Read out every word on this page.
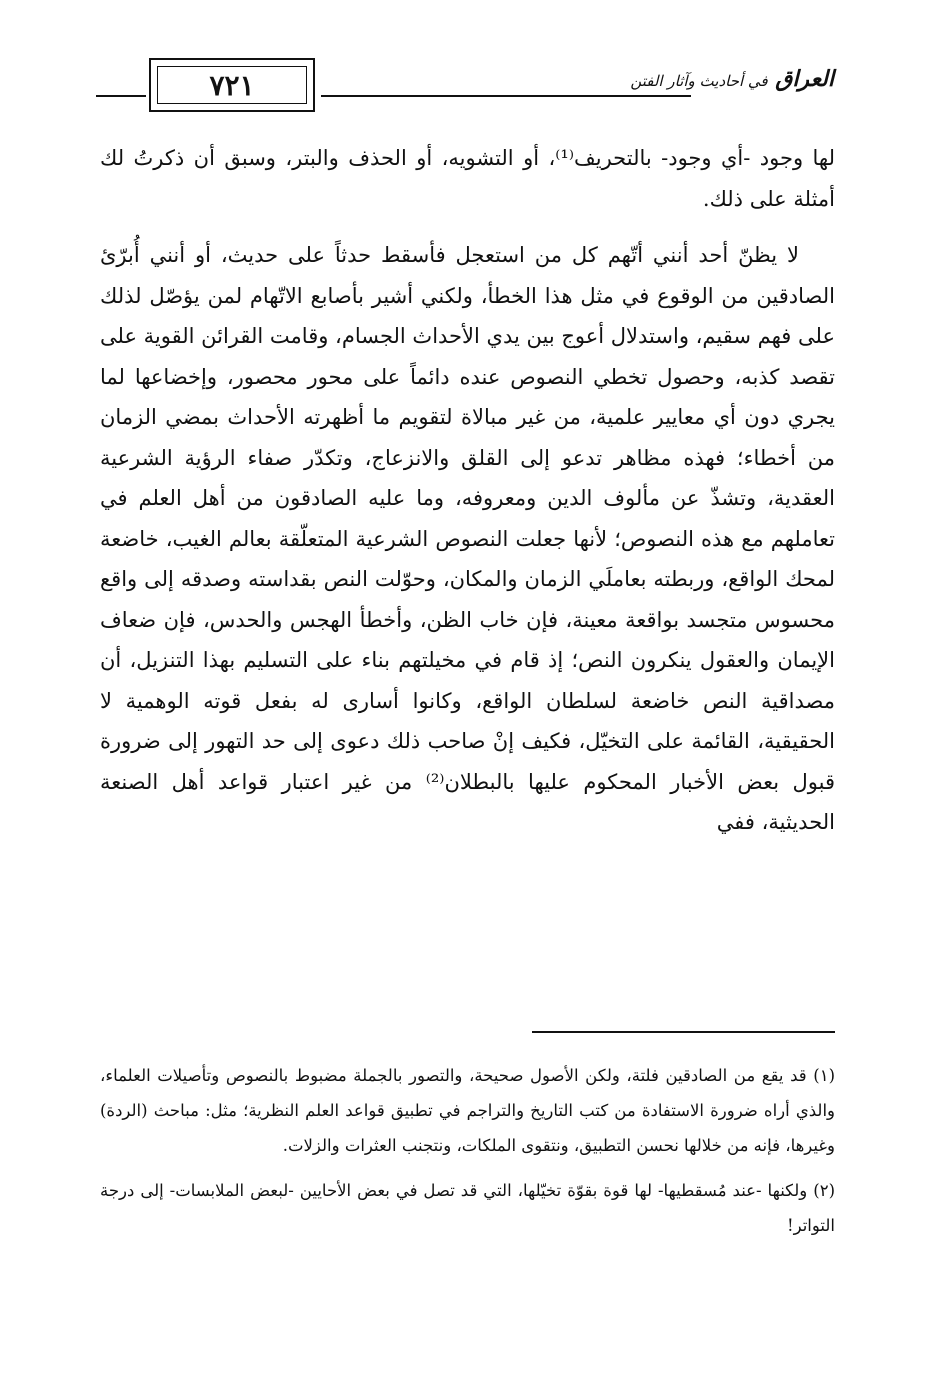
٧٢١	العراق في أحاديث وآثار الفتن

لها وجود -أي وجود- بالتحريف⁽¹⁾، أو التشويه، أو الحذف والبتر، وسبق أن ذكرتُ لك أمثلة على ذلك.

لا يظنّ أحد أنني أتّهم كل من استعجل فأسقط حدثاً على حديث، أو أنني أُبرّئ الصادقين من الوقوع في مثل هذا الخطأ، ولكني أشير بأصابع الاتّهام لمن يؤصّل لذلك على فهم سقيم، واستدلال أعوج بين يدي الأحداث الجسام، وقامت القرائن القوية على تقصد كذبه، وحصول تخطي النصوص عنده دائماً على محور محصور، وإخضاعها لما يجري دون أي معايير علمية، من غير مبالاة لتقويم ما أظهرته الأحداث بمضي الزمان من أخطاء؛ فهذه مظاهر تدعو إلى القلق والانزعاج، وتكدّر صفاء الرؤية الشرعية العقدية، وتشذّ عن مألوف الدين ومعروفه، وما عليه الصادقون من أهل العلم في تعاملهم مع هذه النصوص؛ لأنها جعلت النصوص الشرعية المتعلّقة بعالم الغيب، خاضعة لمحك الواقع، وربطته بعاملَي الزمان والمكان، وحوّلت النص بقداسته وصدقه إلى واقع محسوس متجسد بواقعة معينة، فإن خاب الظن، وأخطأ الهجس والحدس، فإن ضعاف الإيمان والعقول ينكرون النص؛ إذ قام في مخيلتهم بناء على التسليم بهذا التنزيل، أن مصداقية النص خاضعة لسلطان الواقع، وكانوا أسارى له بفعل قوته الوهمية لا الحقيقية، القائمة على التخيّل، فكيف إنْ صاحب ذلك دعوى إلى حد التهور إلى ضرورة قبول بعض الأخبار المحكوم عليها بالبطلان⁽²⁾ من غير اعتبار قواعد أهل الصنعة الحديثية، ففي

(١) قد يقع من الصادقين فلتة، ولكن الأصول صحيحة، والتصور بالجملة مضبوط بالنصوص وتأصيلات العلماء، والذي أراه ضرورة الاستفادة من كتب التاريخ والتراجم في تطبيق قواعد العلم النظرية؛ مثل: مباحث (الردة) وغيرها، فإنه من خلالها نحسن التطبيق، ونتقوى الملكات، ونتجنب العثرات والزلات.

(٢) ولكنها -عند مُسقطيها- لها قوة بقوّة تخيّلها، التي قد تصل في بعض الأحايين -لبعض الملابسات- إلى درجة التواتر!
